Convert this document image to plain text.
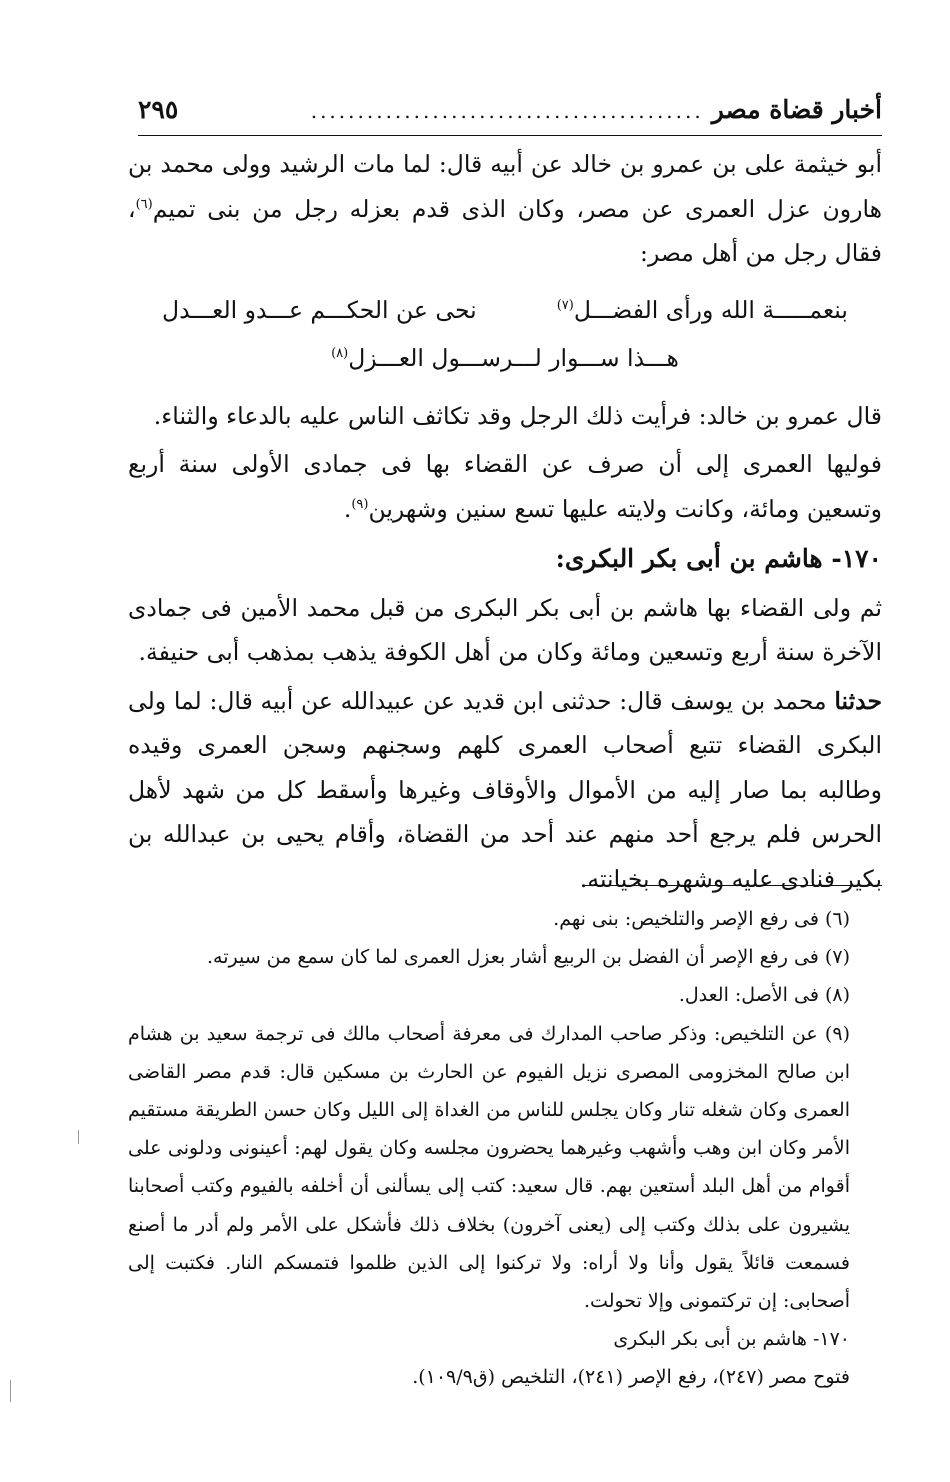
أخبار قضاة مصر
..........................................
٢٩٥

أبو خيثمة على بن عمرو بن خالد عن أبيه قال: لما مات الرشيد وولى محمد بن هارون عزل العمرى عن مصر، وكان الذى قدم بعزله رجل من بنى تميم$^{(٦)}$، فقال رجل من أهل مصر:

بنعمـــــة الله ورأى الفضـــل$^{(٧)}$
نحى عن الحكـــم عـــدو العـــدل
هـــذا ســـوار لـــرســـول العـــزل$^{(٨)}$

قال عمرو بن خالد: فرأيت ذلك الرجل وقد تكاثف الناس عليه بالدعاء والثناء.

فوليها العمرى إلى أن صرف عن القضاء بها فى جمادى الأولى سنة أربع وتسعين ومائة، وكانت ولايته عليها تسع سنين وشهرين$^{(٩)}$.

١٧٠- هاشم بن أبى بكر البكرى:

ثم ولى القضاء بها هاشم بن أبى بكر البكرى من قبل محمد الأمين فى جمادى الآخرة سنة أربع وتسعين ومائة وكان من أهل الكوفة يذهب بمذهب أبى حنيفة.

حدثنا محمد بن يوسف قال: حدثنى ابن قديد عن عبيدالله عن أبيه قال: لما ولى البكرى القضاء تتبع أصحاب العمرى كلهم وسجنهم وسجن العمرى وقيده وطالبه بما صار إليه من الأموال والأوقاف وغيرها وأسقط كل من شهد لأهل الحرس فلم يرجع أحد منهم عند أحد من القضاة، وأقام يحيى بن عبدالله بن بكير فنادى عليه وشهره بخيانته.

(٦) فى رفع الإصر والتلخيص: بنى نهم.

(٧) فى رفع الإصر أن الفضل بن الربيع أشار بعزل العمرى لما كان سمع من سيرته.

(٨) فى الأصل: العدل.

(٩) عن التلخيص: وذكر صاحب المدارك فى معرفة أصحاب مالك فى ترجمة سعيد بن هشام ابن صالح المخزومى المصرى نزيل الفيوم عن الحارث بن مسكين قال: قدم مصر القاضى العمرى وكان شغله تنار وكان يجلس للناس من الغداة إلى الليل وكان حسن الطريقة مستقيم الأمر وكان ابن وهب وأشهب وغيرهما يحضرون مجلسه وكان يقول لهم: أعينونى ودلونى على أقوام من أهل البلد أستعين بهم. قال سعيد: كتب إلى يسألنى أن أخلفه بالفيوم وكتب أصحابنا يشيرون على بذلك وكتب إلى (يعنى آخرون) بخلاف ذلك فأشكل على الأمر ولم أدر ما أصنع فسمعت قائلاً يقول وأنا ولا أراه: ولا تركنوا إلى الذين ظلموا فتمسكم النار. فكتبت إلى أصحابى: إن تركتمونى وإلا تحولت.

١٧٠- هاشم بن أبى بكر البكرى

فتوح مصر (٢٤٧)، رفع الإصر (٢٤١)، التلخيص (ق١٠٩/٩).
